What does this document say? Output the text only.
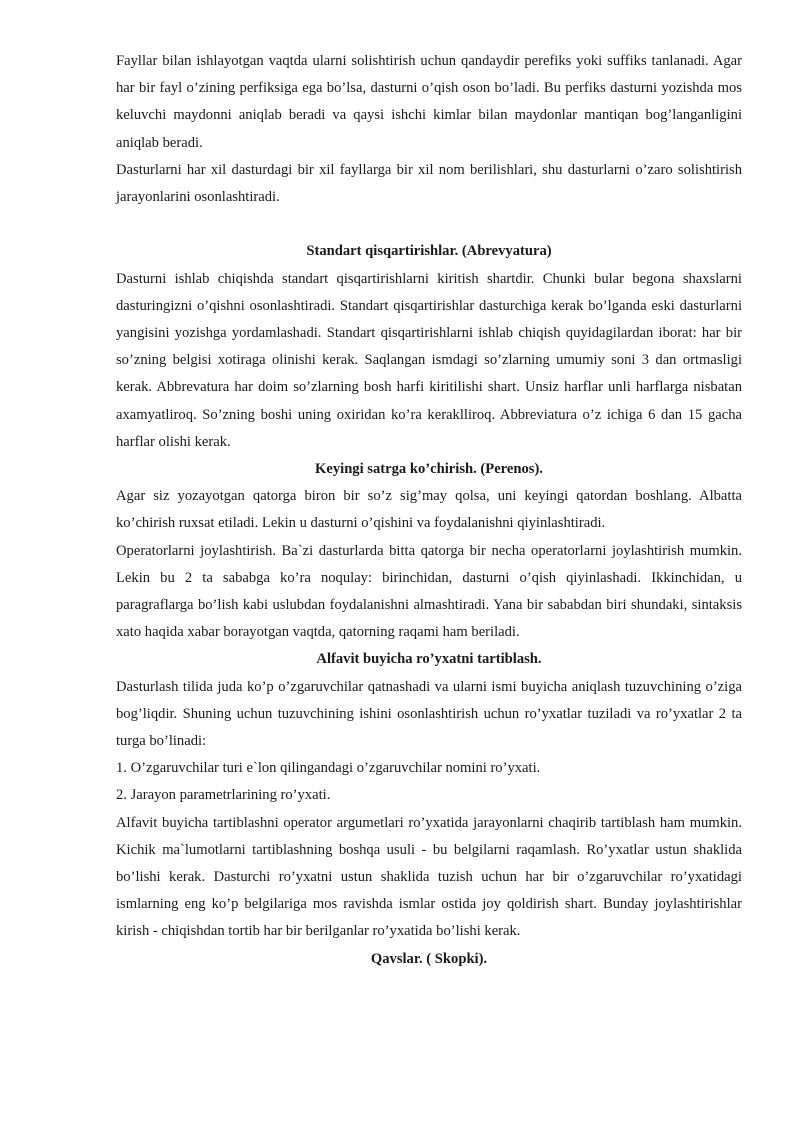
Fayllar bilan ishlayotgan vaqtda ularni solishtirish uchun qandaydir perefiks yoki suffiks tanlanadi. Agar har bir fayl o’zining perfiksiga ega bo’lsa, dasturni o’qish oson bo’ladi. Bu perfiks dasturni yozishda mos keluvchi maydonni aniqlab beradi va qaysi ishchi kimlar bilan maydonlar mantiqan bog’langanligini aniqlab beradi.

Dasturlarni har xil dasturdagi bir xil fayllarga bir xil nom berilishlari, shu dasturlarni o’zaro solishtirish jarayonlarini osonlashtiradi.

Standart qisqartirishlar. (Abrevyatura)

Dasturni ishlab chiqishda standart qisqartirishlarni kiritish shartdir. Chunki bular begona shaxslarni dasturingizni o’qishni osonlashtiradi. Standart qisqartirishlar dasturchiga kerak bo’lganda eski dasturlarni yangisini yozishga yordamlashadi. Standart qisqartirishlarni ishlab chiqish quyidagilardan iborat: har bir so’zning belgisi xotiraga olinishi kerak. Saqlangan ismdagi so’zlarning umumiy soni 3 dan ortmasligi kerak. Abbrevatura har doim so’zlarning bosh harfi kiritilishi shart. Unsiz harflar unli harflarga nisbatan axamyatliroq. So’zning boshi uning oxiridan ko’ra keraklliroq. Abbreviatura o’z ichiga 6 dan 15 gacha harflar olishi kerak.

Keyingi satrga ko’chirish. (Perenos).

Agar siz yozayotgan qatorga biron bir so’z sig’may qolsa, uni keyingi qatordan boshlang. Albatta ko’chirish ruxsat etiladi. Lekin u dasturni o’qishini va foydalanishni qiyinlashtiradi.

Operatorlarni joylashtirish. Ba`zi dasturlarda bitta qatorga bir necha operatorlarni joylashtirish mumkin. Lekin bu 2 ta sababga ko’ra noqulay: birinchidan, dasturni o’qish qiyinlashadi. Ikkinchidan, u paragraflarga bo’lish kabi uslubdan foydalanishni almashtiradi. Yana bir sababdan biri shundaki, sintaksis xato haqida xabar borayotgan vaqtda, qatorning raqami ham beriladi.

Alfavit buyicha ro’yxatni tartiblash.

Dasturlash tilida juda ko’p o’zgaruvchilar qatnashadi va ularni ismi buyicha aniqlash tuzuvchining o’ziga bog’liqdir. Shuning uchun tuzuvchining ishini osonlashtirish uchun ro’yxatlar tuziladi va ro’yxatlar 2 ta turga bo’linadi:

1. O’zgaruvchilar turi e`lon qilingandagi o’zgaruvchilar nomini ro’yxati.

2. Jarayon parametrlarining ro’yxati.

Alfavit buyicha tartiblashni operator argumetlari ro’yxatida jarayonlarni chaqirib tartiblash ham mumkin. Kichik ma`lumotlarni tartiblashning boshqa usuli - bu belgilarni raqamlash. Ro’yxatlar ustun shaklida bo’lishi kerak. Dasturchi ro’yxatni ustun shaklida tuzish uchun har bir o’zgaruvchilar ro’yxatidagi ismlarning eng ko’p belgilariga mos ravishda ismlar ostida joy qoldirish shart. Bunday joylashtirishlar kirish - chiqishdan tortib har bir berilganlar ro’yxatida bo’lishi kerak.

Qavslar. ( Skopki).
